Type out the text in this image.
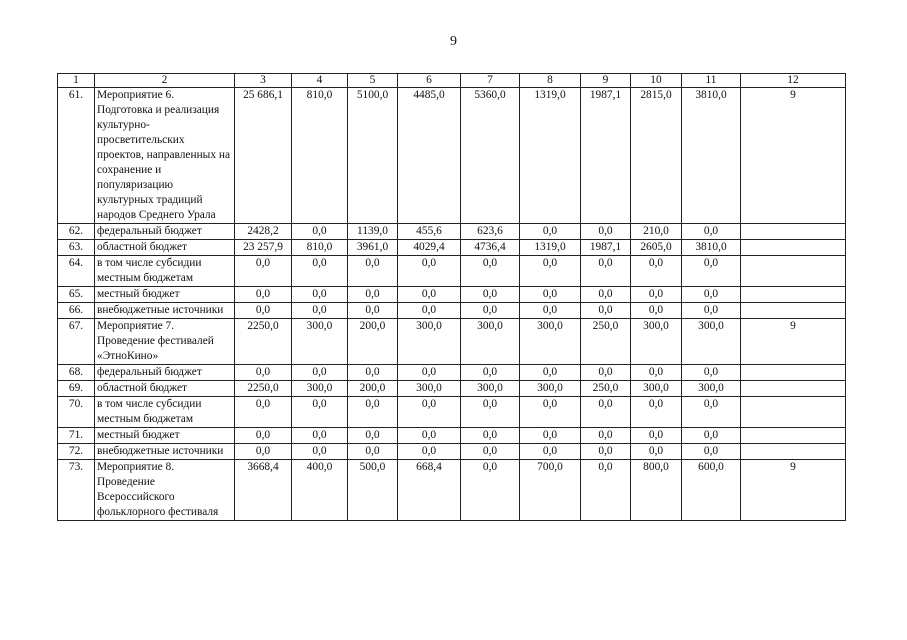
9
1	2	3	4	5	6	7	8	9	10	11	12
61.	Мероприятие 6. Подготовка и реализация культурно-просветительских проектов, направленных на сохранение и популяризацию культурных традиций народов Среднего Урала	25 686,1	810,0	5100,0	4485,0	5360,0	1319,0	1987,1	2815,0	3810,0	9
62.	федеральный бюджет	2428,2	0,0	1139,0	455,6	623,6	0,0	0,0	210,0	0,0	
63.	областной бюджет	23 257,9	810,0	3961,0	4029,4	4736,4	1319,0	1987,1	2605,0	3810,0	
64.	в том числе субсидии местным бюджетам	0,0	0,0	0,0	0,0	0,0	0,0	0,0	0,0	0,0	
65.	местный бюджет	0,0	0,0	0,0	0,0	0,0	0,0	0,0	0,0	0,0	
66.	внебюджетные источники	0,0	0,0	0,0	0,0	0,0	0,0	0,0	0,0	0,0	
67.	Мероприятие 7. Проведение фестивалей «ЭтноКино»	2250,0	300,0	200,0	300,0	300,0	300,0	250,0	300,0	300,0	9
68.	федеральный бюджет	0,0	0,0	0,0	0,0	0,0	0,0	0,0	0,0	0,0	
69.	областной бюджет	2250,0	300,0	200,0	300,0	300,0	300,0	250,0	300,0	300,0	
70.	в том числе субсидии местным бюджетам	0,0	0,0	0,0	0,0	0,0	0,0	0,0	0,0	0,0	
71.	местный бюджет	0,0	0,0	0,0	0,0	0,0	0,0	0,0	0,0	0,0	
72.	внебюджетные источники	0,0	0,0	0,0	0,0	0,0	0,0	0,0	0,0	0,0	
73.	Мероприятие 8. Проведение Всероссийского фольклорного фестиваля	3668,4	400,0	500,0	668,4	0,0	700,0	0,0	800,0	600,0	9
